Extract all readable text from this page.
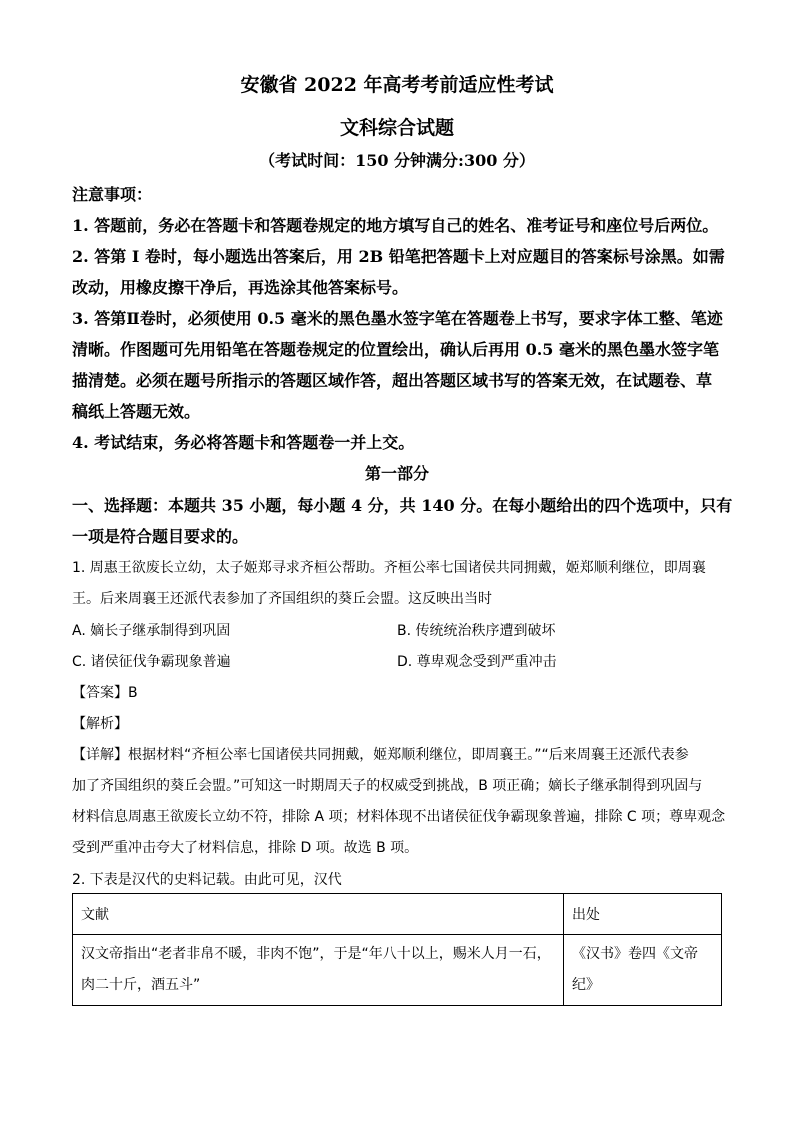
安徽省 2022 年高考考前适应性考试
文科综合试题
（考试时间：150 分钟满分:300 分）
注意事项：
1. 答题前，务必在答题卡和答题卷规定的地方填写自己的姓名、准考证号和座位号后两位。
2. 答第 I 卷时，每小题选出答案后，用 2B 铅笔把答题卡上对应题目的答案标号涂黑。如需
改动，用橡皮擦干净后，再选涂其他答案标号。
3. 答第Ⅱ卷时，必须使用 0.5 毫米的黑色墨水签字笔在答题卷上书写，要求字体工整、笔迹
清晰。作图题可先用铅笔在答题卷规定的位置绘出，确认后再用 0.5 毫米的黑色墨水签字笔
描清楚。必须在题号所指示的答题区域作答，超出答题区域书写的答案无效，在试题卷、草
稿纸上答题无效。
4. 考试结束，务必将答题卡和答题卷一并上交。
第一部分
一、选择题：本题共 35 小题，每小题 4 分，共 140 分。在每小题给出的四个选项中，只有
一项是符合题目要求的。
1. 周惠王欲废长立幼，太子姬郑寻求齐桓公帮助。齐桓公率七国诸侯共同拥戴，姬郑顺利继位，即周襄
王。后来周襄王还派代表参加了齐国组织的葵丘会盟。这反映出当时
A. 嫡长子继承制得到巩固	B. 传统统治秩序遭到破坏
C. 诸侯征伐争霸现象普遍	D. 尊卑观念受到严重冲击
【答案】B
【解析】
【详解】根据材料“齐桓公率七国诸侯共同拥戴，姬郑顺利继位，即周襄王。”“后来周襄王还派代表参
加了齐国组织的葵丘会盟。”可知这一时期周天子的权威受到挑战，B 项正确；嫡长子继承制得到巩固与
材料信息周惠王欲废长立幼不符，排除 A 项；材料体现不出诸侯征伐争霸现象普遍，排除 C 项；尊卑观念
受到严重冲击夸大了材料信息，排除 D 项。故选 B 项。
2. 下表是汉代的史料记载。由此可见，汉代
文献	出处
汉文帝指出“老者非帛不暖，非肉不饱”，于是“年八十以上，赐米人月一石，肉二十斤，酒五斗”	《汉书》卷四《文帝纪》
